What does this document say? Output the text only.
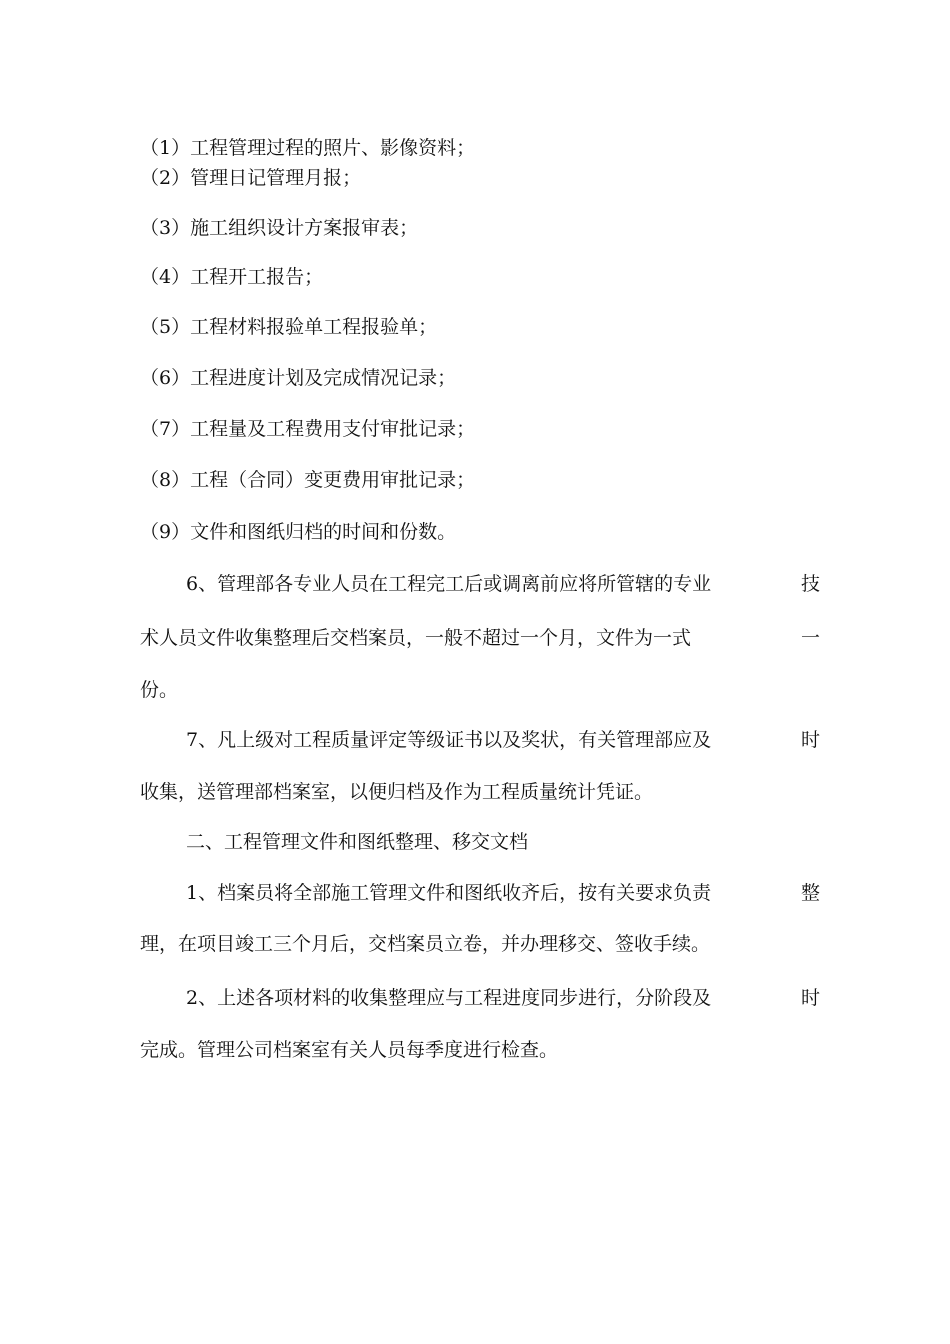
（1）工程管理过程的照片、影像资料；
（2）管理日记管理月报；
（3）施工组织设计方案报审表；
（4）工程开工报告；
（5）工程材料报验单工程报验单；
（6）工程进度计划及完成情况记录；
（7）工程量及工程费用支付审批记录；
（8）工程（合同）变更费用审批记录；
（9）文件和图纸归档的时间和份数。
6、管理部各专业人员在工程完工后或调离前应将所管辖的专业	技
术人员文件收集整理后交档案员，一般不超过一个月，文件为一式	一
份。
7、凡上级对工程质量评定等级证书以及奖状，有关管理部应及	时
收集，送管理部档案室，以便归档及作为工程质量统计凭证。
二、工程管理文件和图纸整理、移交文档
1、档案员将全部施工管理文件和图纸收齐后，按有关要求负责	整
理，在项目竣工三个月后，交档案员立卷，并办理移交、签收手续。
2、上述各项材料的收集整理应与工程进度同步进行，分阶段及	时
完成。管理公司档案室有关人员每季度进行检查。
